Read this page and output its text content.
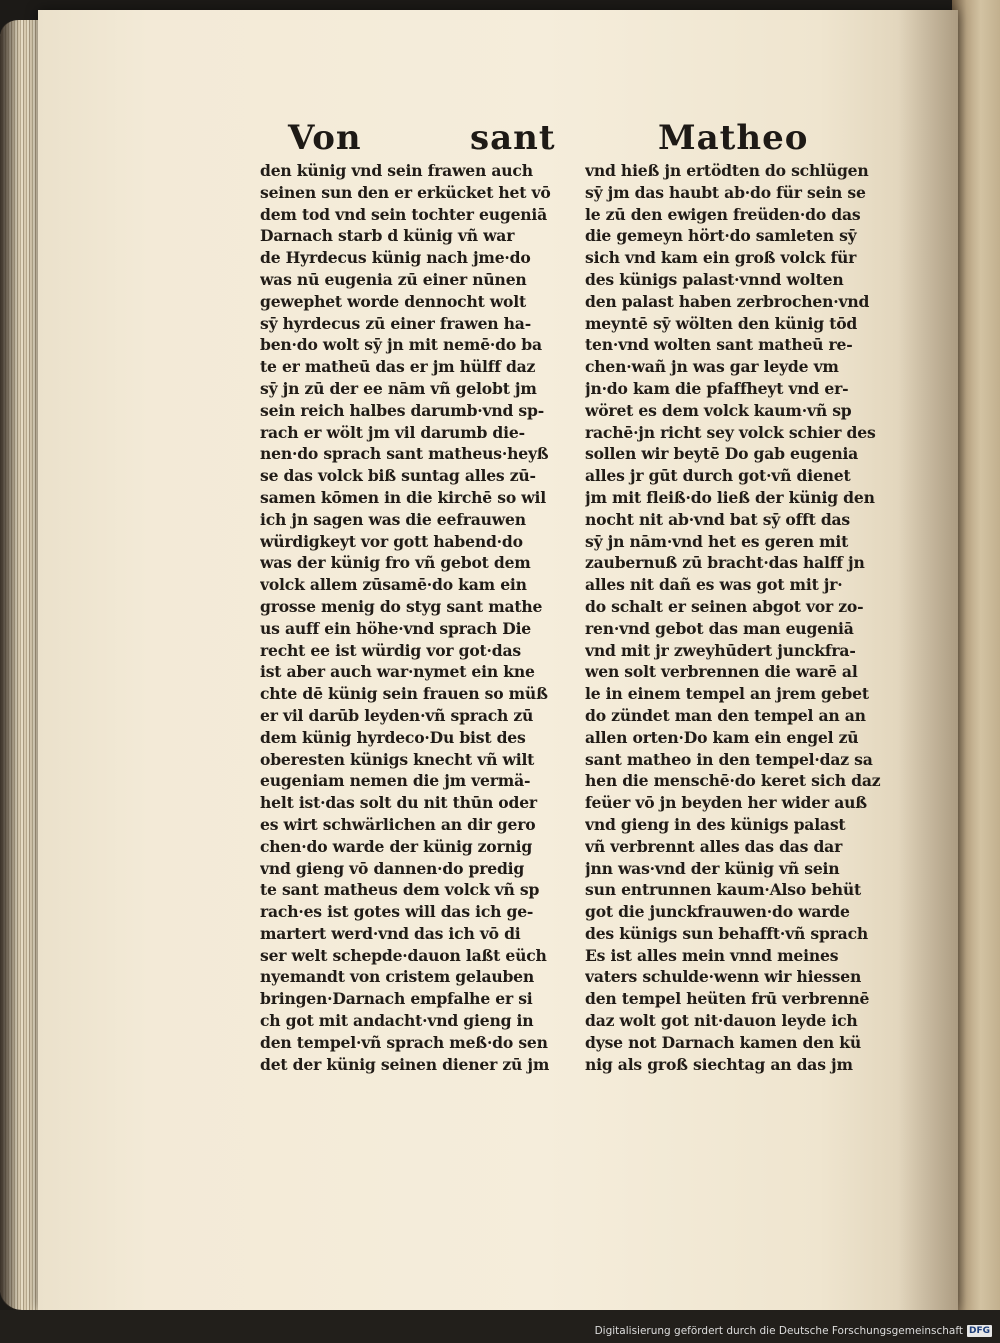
Von	sant	Matheo
den künig vnd sein frawen auch
seinen sun den er erkücket het vō
dem tod vnd sein tochter eugeniā
Darnach starb d künig vñ war
de Hyrdecus künig nach jme·do
was nū eugenia zū einer nūnen
gewephet worde dennocht wolt
sȳ hyrdecus zū einer frawen ha-
ben·do wolt sȳ jn mit nemē·do ba
te er matheū das er jm hülff daz
sȳ jn zū der ee nām vñ gelobt jm
sein reich halbes darumb·vnd sp-
rach er wölt jm vil darumb die-
nen·do sprach sant matheus·heyß
se das volck biß suntag alles zū-
samen kōmen in die kirchē so wil
ich jn sagen was die eefrauwen
würdigkeyt vor gott habend·do
was der künig fro vñ gebot dem
volck allem zūsamē·do kam ein
grosse menig do styg sant mathe
us auff ein höhe·vnd sprach Die
recht ee ist würdig vor got·das
ist aber auch war·nymet ein kne
chte dē künig sein frauen so müß
er vil darūb leyden·vñ sprach zū
dem künig hyrdeco·Du bist des
oberesten künigs knecht vñ wilt
eugeniam nemen die jm vermä-
helt ist·das solt du nit thūn oder
es wirt schwärlichen an dir gero
chen·do warde der künig zornig
vnd gieng vō dannen·do predig
te sant matheus dem volck vñ sp
rach·es ist gotes will das ich ge-
martert werd·vnd das ich vō di
ser welt schepde·dauon laßt eüch
nyemandt von cristem gelauben
bringen·Darnach empfalhe er si
ch got mit andacht·vnd gieng in
den tempel·vñ sprach meß·do sen
det der künig seinen diener zū jm
vnd hieß jn ertödten do schlügen
sȳ jm das haubt ab·do für sein se
le zū den ewigen freüden·do das
die gemeyn hört·do samleten sȳ
sich vnd kam ein groß volck für
des künigs palast·vnnd wolten
den palast haben zerbrochen·vnd
meyntē sȳ wölten den künig tōd
ten·vnd wolten sant matheū re-
chen·wañ jn was gar leyde vm
jn·do kam die pfaffheyt vnd er-
wöret es dem volck kaum·vñ sp
rachē·jn richt sey volck schier des
sollen wir beytē Do gab eugenia
alles jr gūt durch got·vñ dienet
jm mit fleiß·do ließ der künig den
nocht nit ab·vnd bat sȳ offt das
sȳ jn nām·vnd het es geren mit
zaubernuß zū bracht·das halff jn
alles nit dañ es was got mit jr·
do schalt er seinen abgot vor zo-
ren·vnd gebot das man eugeniā
vnd mit jr zweyhūdert junckfra-
wen solt verbrennen die warē al
le in einem tempel an jrem gebet
do zündet man den tempel an an
allen orten·Do kam ein engel zū
sant matheo in den tempel·daz sa
hen die menschē·do keret sich daz
feüer vō jn beyden her wider auß
vnd gieng in des künigs palast
vñ verbrennt alles das das dar
jnn was·vnd der künig vñ sein
sun entrunnen kaum·Also behüt
got die junckfrauwen·do warde
des künigs sun behafft·vñ sprach
Es ist alles mein vnnd meines
vaters schulde·wenn wir hiessen
den tempel heüten frū verbrennē
daz wolt got nit·dauon leyde ich
dyse not Darnach kamen den kü
nig als groß siechtag an das jm
Digitalisierung gefördert durch die Deutsche Forschungsgemeinschaft DFG
